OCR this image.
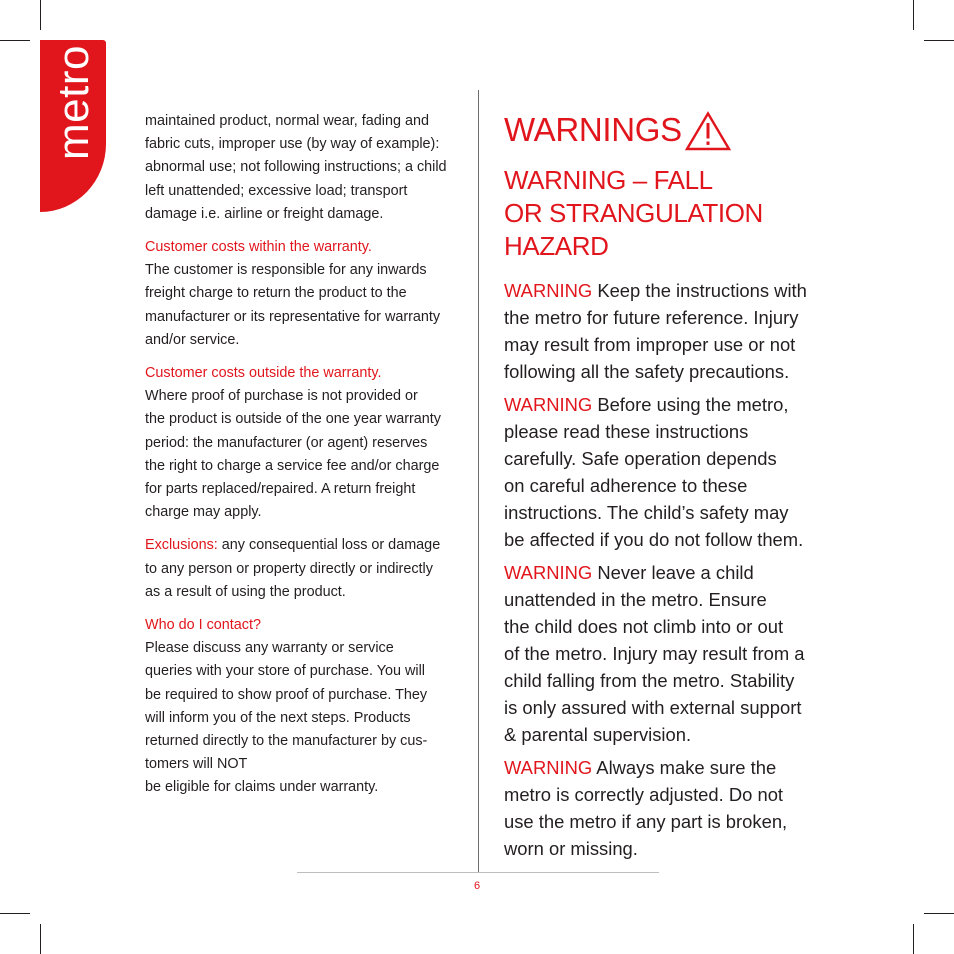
metro	maintained product, normal wear, fading and
fabric cuts, improper use (by way of example):
abnormal use; not following instructions; a child
left unattended; excessive load; transport
damage i.e. airline or freight damage.

Customer costs within the warranty.
The customer is responsible for any inwards
freight charge to return the product to the
manufacturer or its representative for warranty
and/or service.

Customer costs outside the warranty.
Where proof of purchase is not provided or
the product is outside of the one year warranty
period: the manufacturer (or agent) reserves
the right to charge a service fee and/or charge
for parts replaced/repaired. A return freight
charge may apply.

Exclusions: any consequential loss or damage
to any person or property directly or indirectly
as a result of using the product.

Who do I contact?
Please discuss any warranty or service
queries with your store of purchase. You will
be required to show proof of purchase. They
will inform you of the next steps. Products
returned directly to the manufacturer by cus-
tomers will NOT
be eligible for claims under warranty.

WARNINGS
WARNING – FALL
OR STRANGULATION
HAZARD

WARNING Keep the instructions with
the metro for future reference. Injury
may result from improper use or not
following all the safety precautions.

WARNING Before using the metro,
please read these instructions
carefully. Safe operation depends
on careful adherence to these
instructions. The child’s safety may
be affected if you do not follow them.

WARNING Never leave a child
unattended in the metro. Ensure
the child does not climb into or out
of the metro. Injury may result from a
child falling from the metro. Stability
is only assured with external support
& parental supervision.

WARNING Always make sure the
metro is correctly adjusted. Do not
use the metro if any part is broken,
worn or missing.

6
